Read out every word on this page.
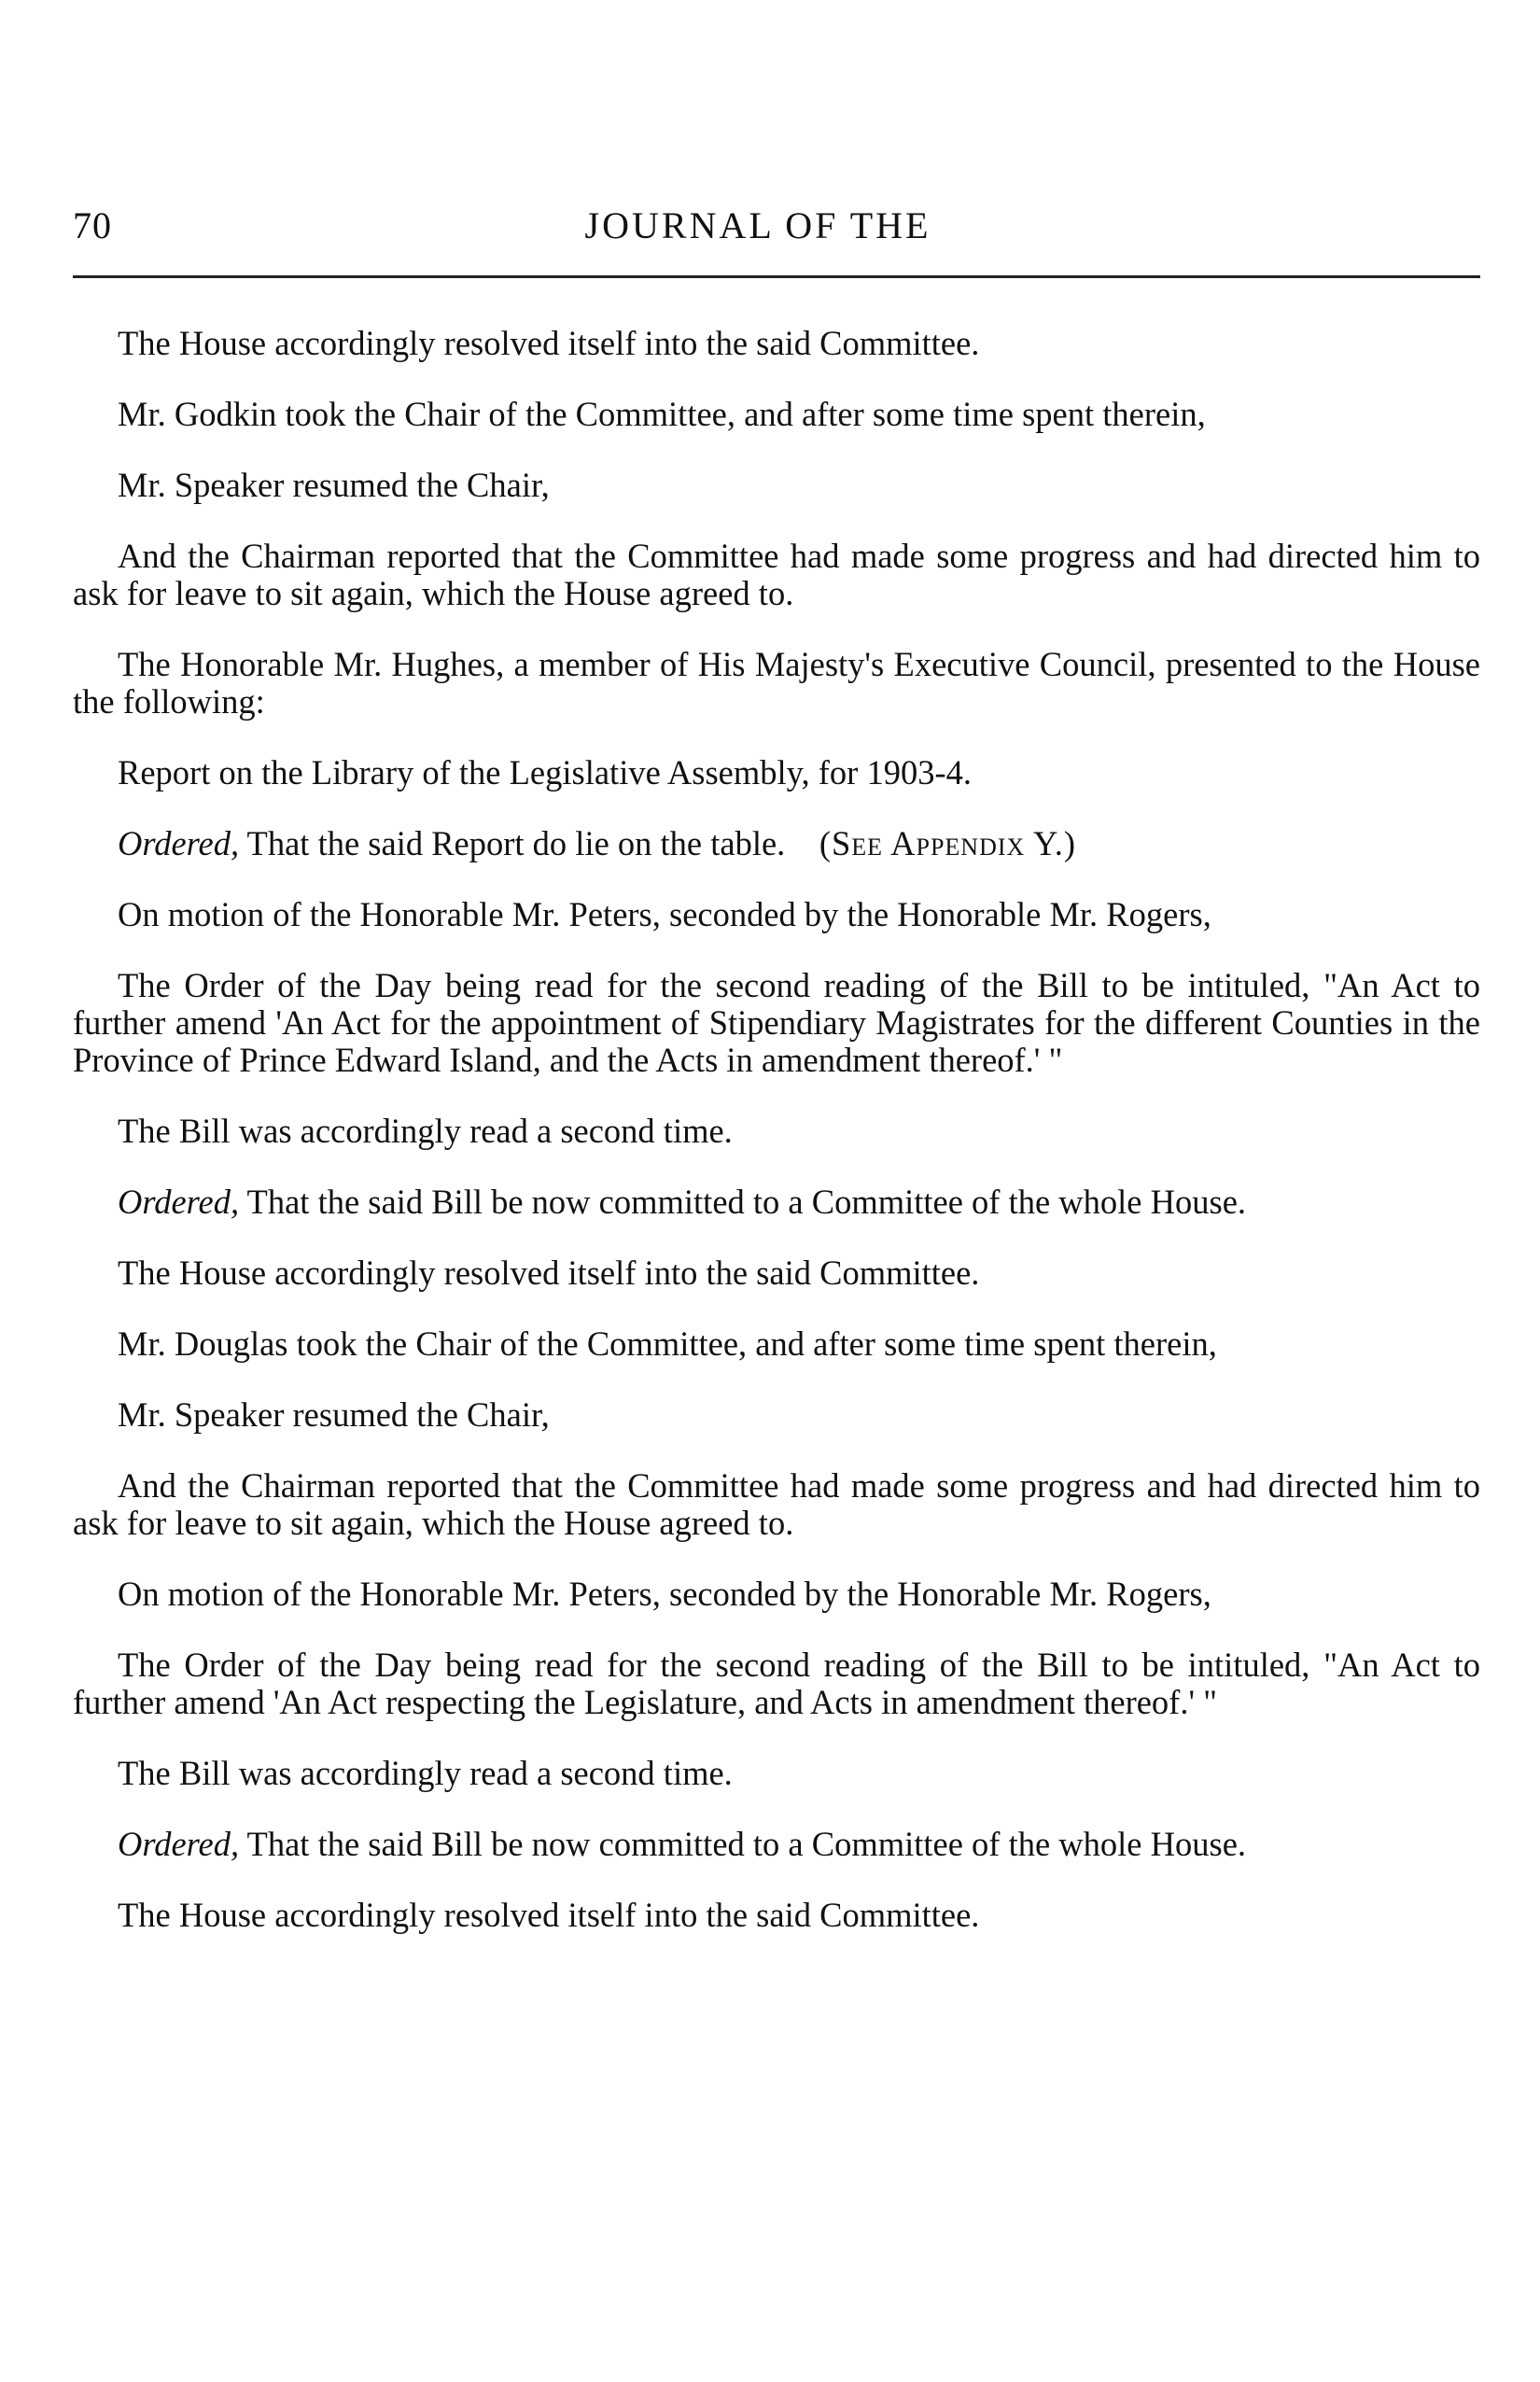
70	JOURNAL OF THE

The House accordingly resolved itself into the said Committee.

Mr. Godkin took the Chair of the Committee, and after some time spent therein,

Mr. Speaker resumed the Chair,

And the Chairman reported that the Committee had made some progress and had directed him to ask for leave to sit again, which the House agreed to.

The Honorable Mr. Hughes, a member of His Majesty's Executive Council, presented to the House the following:

Report on the Library of the Legislative Assembly, for 1903-4.

Ordered, That the said Report do lie on the table. (See Appendix Y.)

On motion of the Honorable Mr. Peters, seconded by the Honorable Mr. Rogers,

The Order of the Day being read for the second reading of the Bill to be intituled, "An Act to further amend 'An Act for the appointment of Stipendiary Magistrates for the different Counties in the Province of Prince Edward Island, and the Acts in amendment thereof.' "

The Bill was accordingly read a second time.

Ordered, That the said Bill be now committed to a Committee of the whole House.

The House accordingly resolved itself into the said Committee.

Mr. Douglas took the Chair of the Committee, and after some time spent therein,

Mr. Speaker resumed the Chair,

And the Chairman reported that the Committee had made some progress and had directed him to ask for leave to sit again, which the House agreed to.

On motion of the Honorable Mr. Peters, seconded by the Honorable Mr. Rogers,

The Order of the Day being read for the second reading of the Bill to be intituled, "An Act to further amend 'An Act respecting the Legislature, and Acts in amendment thereof.' "

The Bill was accordingly read a second time.

Ordered, That the said Bill be now committed to a Committee of the whole House.

The House accordingly resolved itself into the said Committee.
